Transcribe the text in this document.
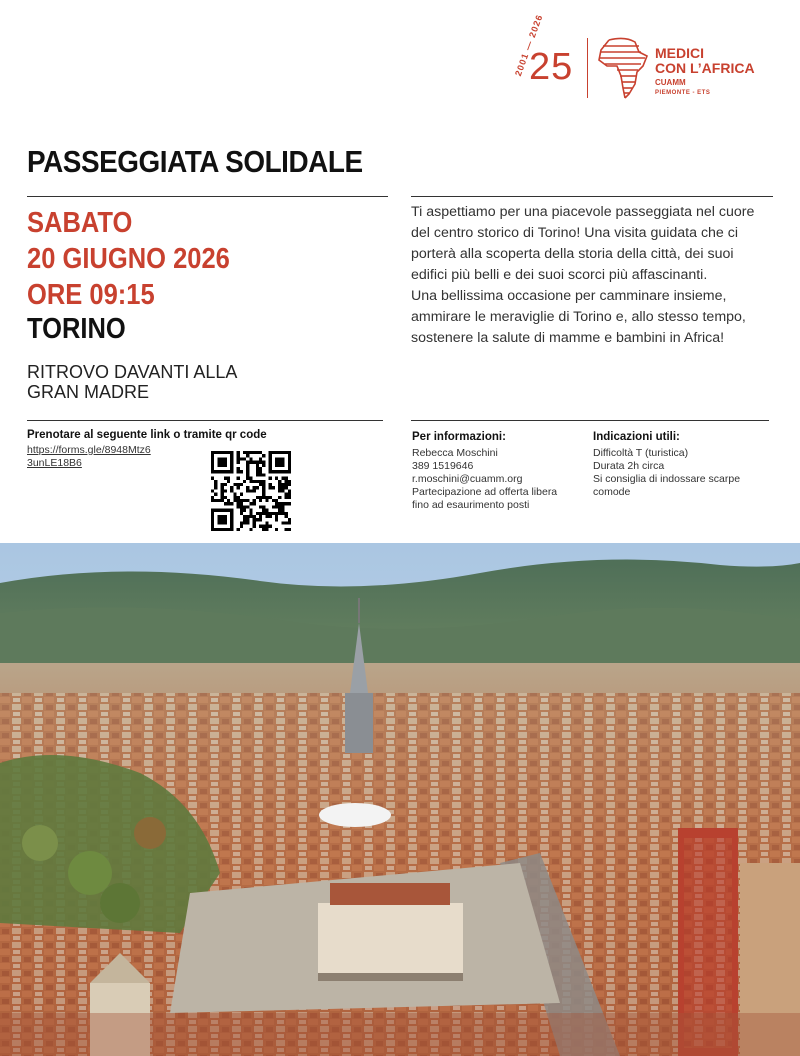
2001 — 2026
25	MEDICI
CON L’AFRICA
CUAMM
PIEMONTE - ETS
PASSEGGIATA SOLIDALE
SABATO
20 GIUGNO 2026
ORE 09:15
TORINO
RITROVO DAVANTI ALLA
GRAN MADRE
Ti aspettiamo per una piacevole passeggiata nel cuore del centro storico di Torino! Una visita guidata che ci porterà alla scoperta della storia della città, dei suoi edifici più belli e dei suoi scorci più affascinanti.
Una bellissima occasione per camminare insieme, ammirare le meraviglie di Torino e, allo stesso tempo, sostenere la salute di mamme e bambini in Africa!
Prenotare al seguente link o tramite qr code
https://forms.gle/8948Mtz6
3unLE18B6
Per informazioni:
Rebecca Moschini
389 1519646
r.moschini@cuamm.org
Partecipazione ad offerta libera
fino ad esaurimento posti
Indicazioni utili:
Difficoltà T (turistica)
Durata 2h circa
Si consiglia di indossare scarpe
comode
